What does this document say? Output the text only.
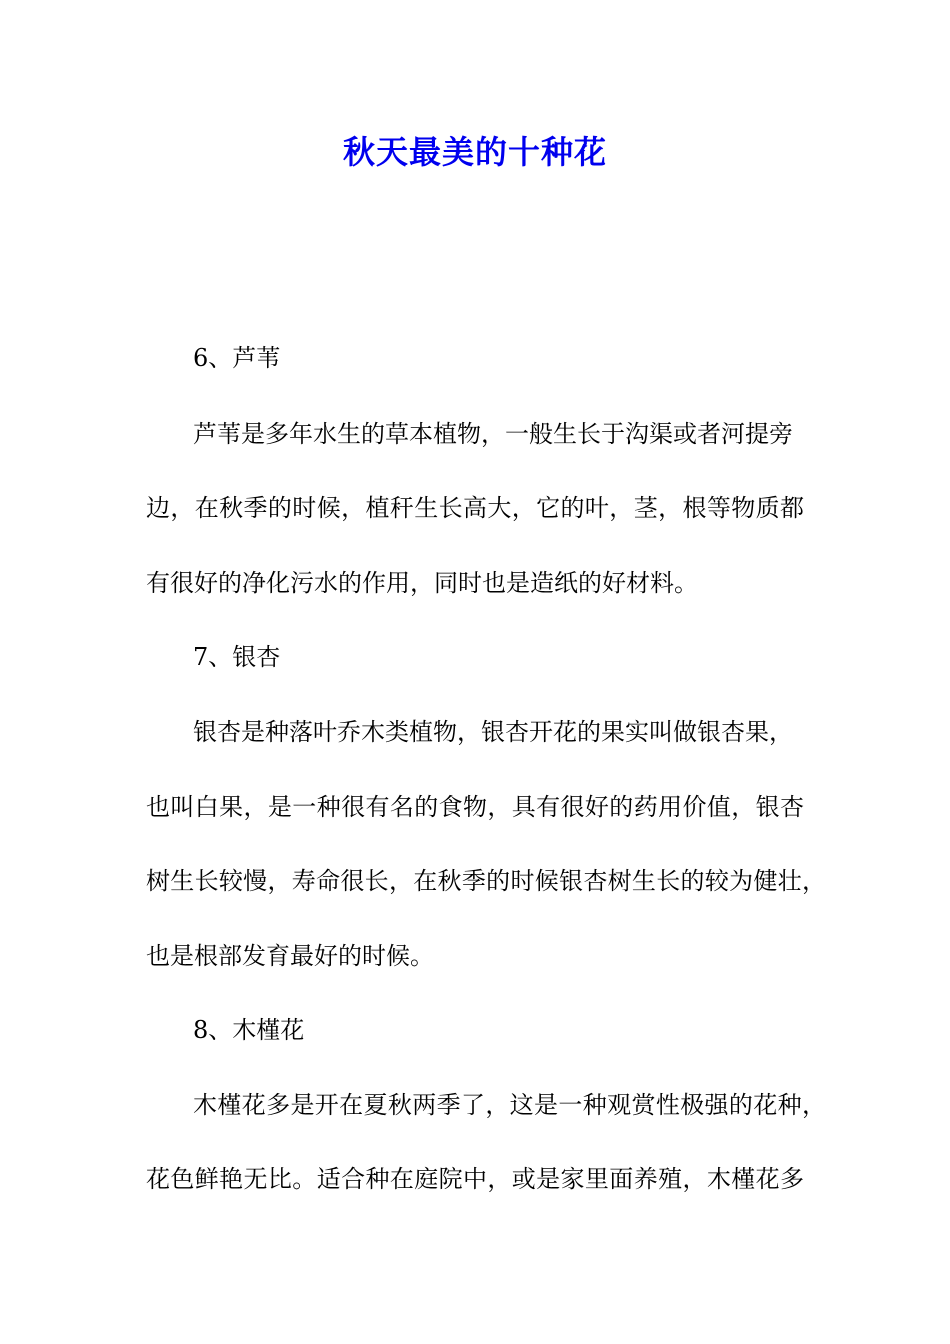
秋天最美的十种花

6、芦苇

芦苇是多年水生的草本植物，一般生长于沟渠或者河提旁

边，在秋季的时候，植秆生长高大，它的叶，茎，根等物质都

有很好的净化污水的作用，同时也是造纸的好材料。

7、银杏

银杏是种落叶乔木类植物，银杏开花的果实叫做银杏果，

也叫白果，是一种很有名的食物，具有很好的药用价值，银杏

树生长较慢，寿命很长，在秋季的时候银杏树生长的较为健壮，

也是根部发育最好的时候。

8、木槿花

木槿花多是开在夏秋两季了，这是一种观赏性极强的花种，

花色鲜艳无比。适合种在庭院中，或是家里面养殖，木槿花多
